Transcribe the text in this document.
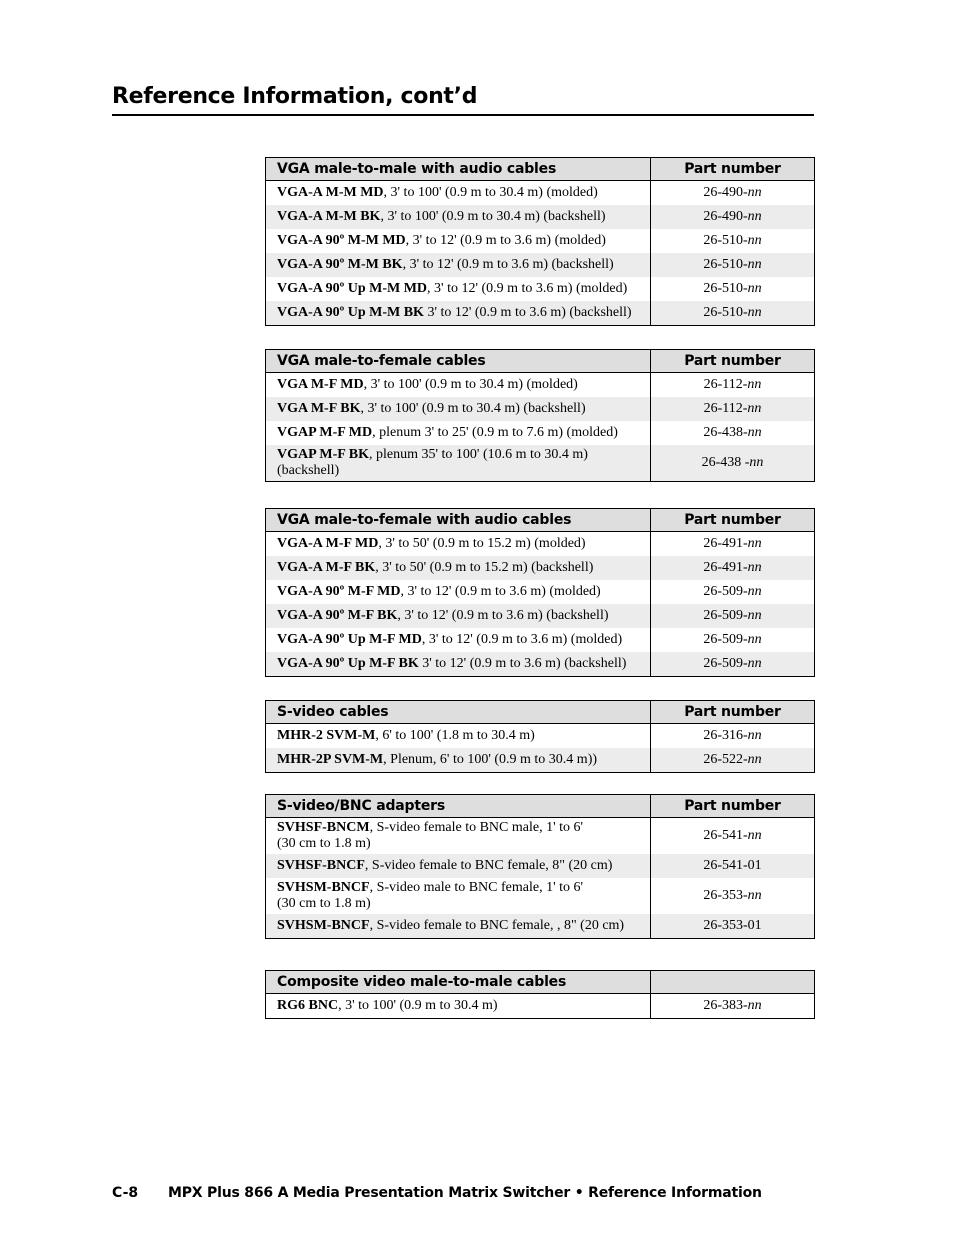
Reference Information, cont’d
VGA male-to-male with audio cables	Part number
VGA-A M-M MD, 3' to 100' (0.9 m to 30.4 m) (molded)	26-490-nn
VGA-A M-M BK, 3' to 100' (0.9 m to 30.4 m) (backshell)	26-490-nn
VGA-A 90º M-M MD, 3' to 12' (0.9 m to 3.6 m) (molded)	26-510-nn
VGA-A 90º M-M BK, 3' to 12' (0.9 m to 3.6 m) (backshell)	26-510-nn
VGA-A 90º Up M-M MD, 3' to 12' (0.9 m to 3.6 m) (molded)	26-510-nn
VGA-A 90º Up M-M BK 3' to 12' (0.9 m to 3.6 m) (backshell)	26-510-nn
VGA male-to-female cables	Part number
VGA M-F MD, 3' to 100' (0.9 m to 30.4 m) (molded)	26-112-nn
VGA M-F BK, 3' to 100' (0.9 m to 30.4 m) (backshell)	26-112-nn
VGAP M-F MD, plenum 3' to 25' (0.9 m to 7.6 m) (molded)	26-438-nn
VGAP M-F BK, plenum 35' to 100' (10.6 m to 30.4 m) (backshell)	26-438 -nn
VGA male-to-female with audio cables	Part number
VGA-A M-F MD, 3' to 50' (0.9 m to 15.2 m) (molded)	26-491-nn
VGA-A M-F BK, 3' to 50' (0.9 m to 15.2 m) (backshell)	26-491-nn
VGA-A 90º M-F MD, 3' to 12' (0.9 m to 3.6 m) (molded)	26-509-nn
VGA-A 90º M-F BK, 3' to 12' (0.9 m to 3.6 m) (backshell)	26-509-nn
VGA-A 90º Up M-F MD, 3' to 12' (0.9 m to 3.6 m) (molded)	26-509-nn
VGA-A 90º Up M-F BK 3' to 12' (0.9 m to 3.6 m) (backshell)	26-509-nn
S-video cables	Part number
MHR-2 SVM-M, 6' to 100' (1.8 m to 30.4 m)	26-316-nn
MHR-2P SVM-M, Plenum, 6' to 100' (0.9 m to 30.4 m))	26-522-nn
S-video/BNC adapters	Part number
SVHSF-BNCM, S-video female to BNC male, 1' to 6'
(30 cm to 1.8 m)	26-541-nn
SVHSF-BNCF, S-video female to BNC female, 8" (20 cm)	26-541-01
SVHSM-BNCF, S-video male to BNC female, 1' to 6'
(30 cm to 1.8 m)	26-353-nn
SVHSM-BNCF, S-video female to BNC female, , 8" (20 cm)	26-353-01
Composite video male-to-male cables	
RG6 BNC, 3' to 100' (0.9 m to 30.4 m)	26-383-nn
C-8 MPX Plus 866 A Media Presentation Matrix Switcher • Reference Information
